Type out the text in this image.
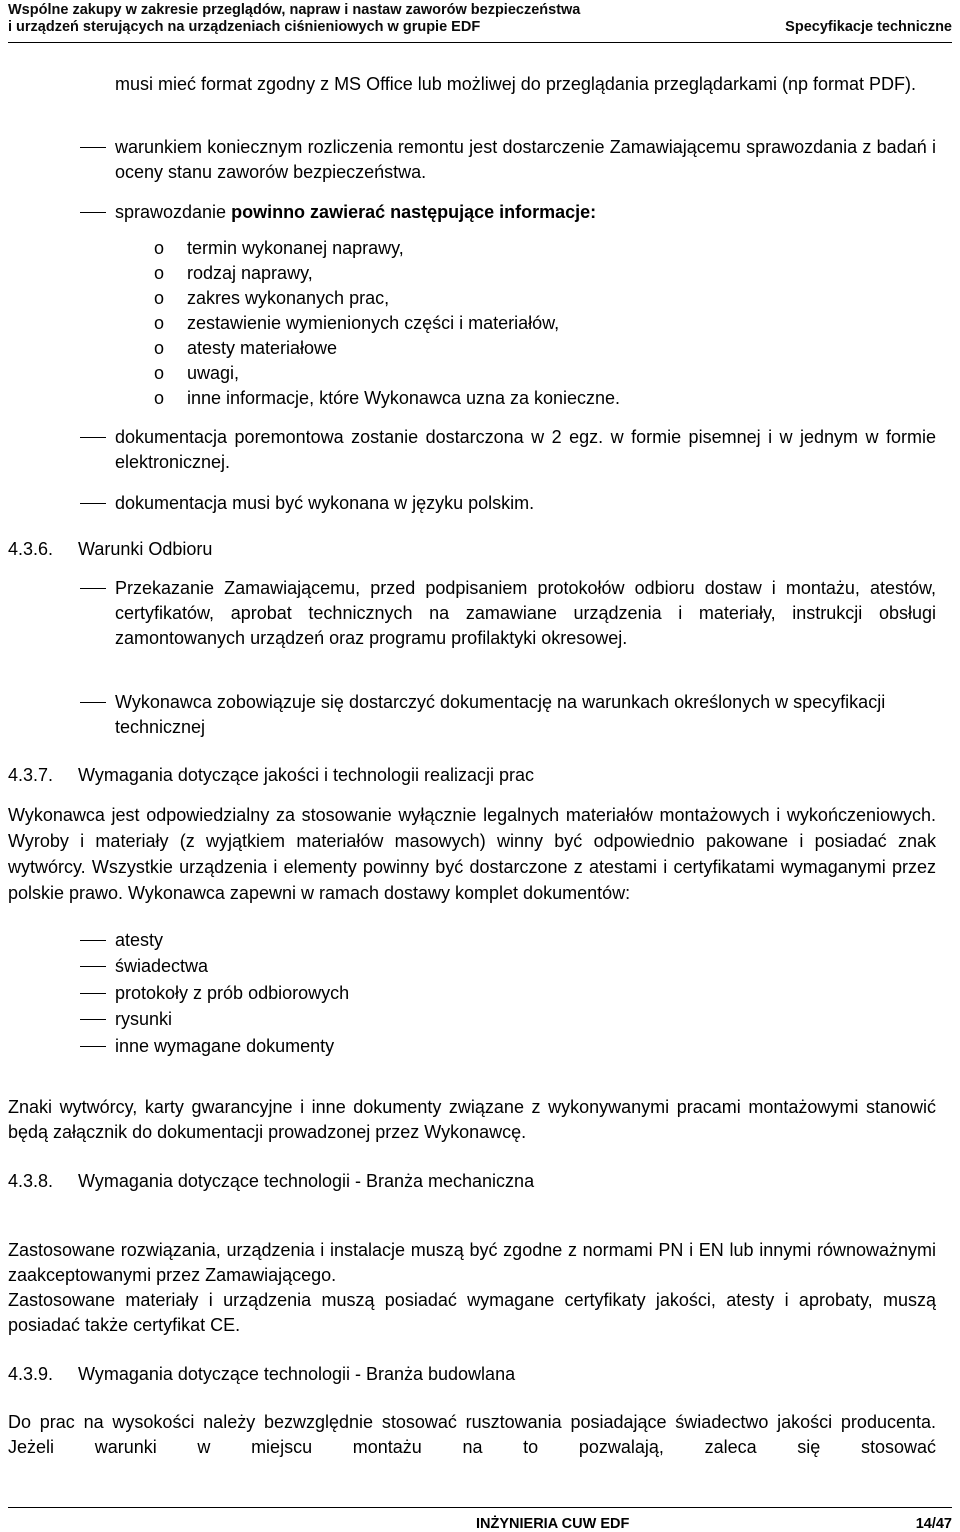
Wspólne zakupy w zakresie przeglądów, napraw i nastaw zaworów bezpieczeństwa
i urządzeń sterujących na urządzeniach ciśnieniowych w grupie EDF	Specyfikacje techniczne

musi mieć format zgodny z MS Office lub możliwej do przeglądania przeglądarkami (np format PDF).

warunkiem koniecznym rozliczenia remontu jest dostarczenie Zamawiającemu sprawozdania z badań i oceny stanu zaworów bezpieczeństwa.

sprawozdanie powinno zawierać następujące informacje:

o termin wykonanej naprawy,
o rodzaj naprawy,
o zakres wykonanych prac,
o zestawienie wymienionych części i materiałów,
o atesty materiałowe
o uwagi,
o inne informacje, które Wykonawca uzna za konieczne.

dokumentacja poremontowa zostanie dostarczona w 2 egz. w formie pisemnej i w jednym w formie elektronicznej.

dokumentacja musi być wykonana w języku polskim.

4.3.6. Warunki Odbioru

Przekazanie Zamawiającemu, przed podpisaniem protokołów odbioru dostaw i montażu, atestów, certyfikatów, aprobat technicznych na zamawiane urządzenia i materiały, instrukcji obsługi zamontowanych urządzeń oraz programu profilaktyki okresowej.

Wykonawca zobowiązuje się dostarczyć dokumentację na warunkach określonych w specyfikacji technicznej

4.3.7. Wymagania dotyczące jakości i technologii realizacji prac

Wykonawca jest odpowiedzialny za stosowanie wyłącznie legalnych materiałów montażowych i wykończeniowych. Wyroby i materiały (z wyjątkiem materiałów masowych) winny być odpowiednio pakowane i posiadać znak wytwórcy. Wszystkie urządzenia i elementy powinny być dostarczone z atestami i certyfikatami wymaganymi przez polskie prawo. Wykonawca zapewni w ramach dostawy komplet dokumentów:

atesty
świadectwa
protokoły z prób odbiorowych
rysunki
inne wymagane dokumenty

Znaki wytwórcy, karty gwarancyjne i inne dokumenty związane z wykonywanymi pracami montażowymi stanowić będą załącznik do dokumentacji prowadzonej przez Wykonawcę.

4.3.8. Wymagania dotyczące technologii - Branża mechaniczna

Zastosowane rozwiązania, urządzenia i instalacje muszą być zgodne z normami PN i EN lub innymi równoważnymi zaakceptowanymi przez Zamawiającego.

Zastosowane materiały i urządzenia muszą posiadać wymagane certyfikaty jakości, atesty i aprobaty, muszą posiadać także certyfikat CE.

4.3.9. Wymagania dotyczące technologii - Branża budowlana

Do prac na wysokości należy bezwzględnie stosować rusztowania posiadające świadectwo jakości producenta. Jeżeli warunki w miejscu montażu na to pozwalają, zaleca się stosować

INŻYNIERIA CUW EDF	14/47
